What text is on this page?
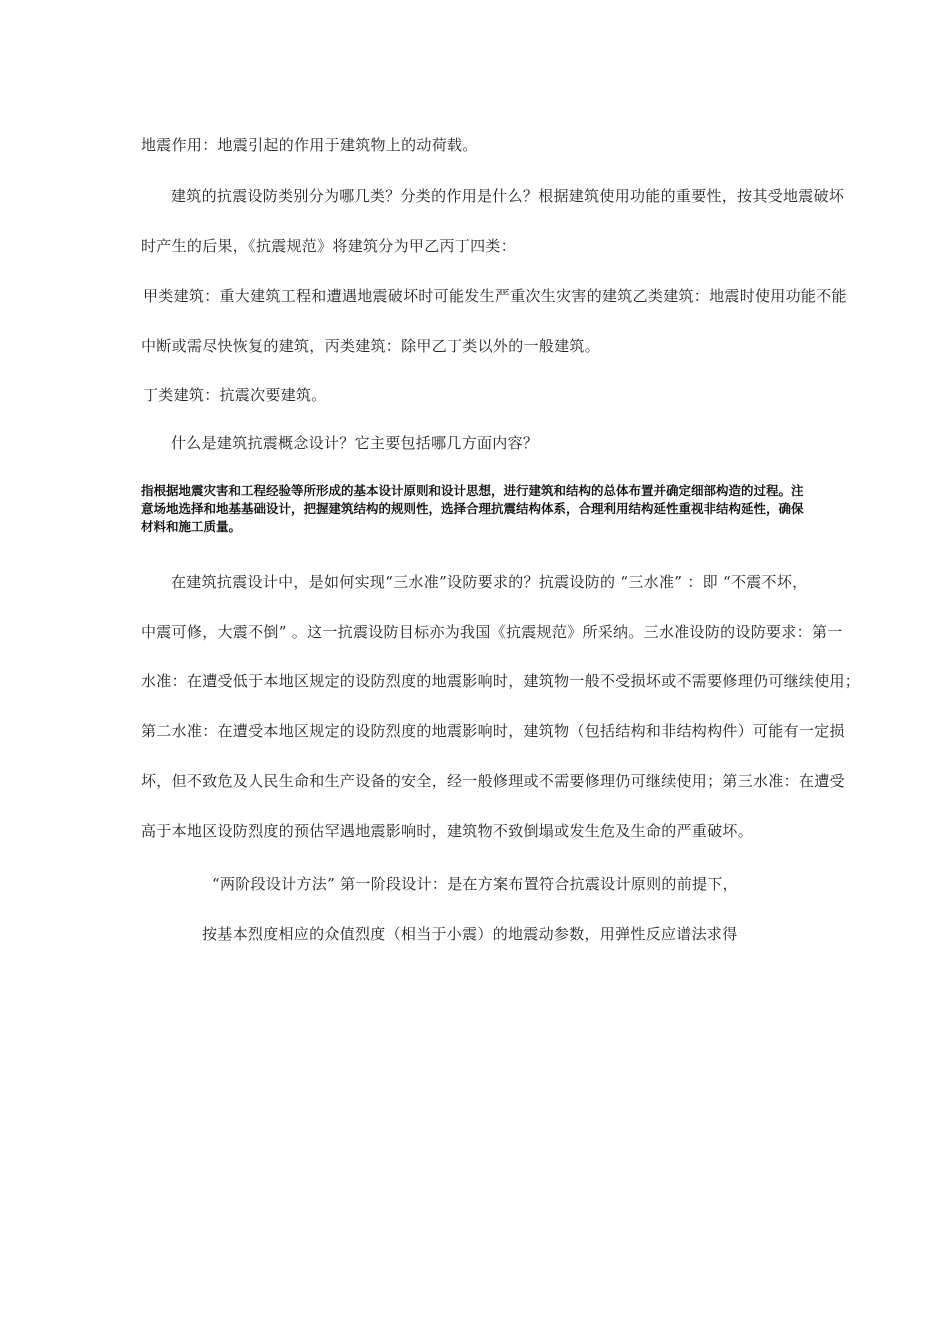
地震作用：地震引起的作用于建筑物上的动荷载。
建筑的抗震设防类别分为哪几类？分类的作用是什么？根据建筑使用功能的重要性，按其受地震破坏
时产生的后果，《抗震规范》将建筑分为甲乙丙丁四类：
甲类建筑：重大建筑工程和遭遇地震破坏时可能发生严重次生灾害的建筑乙类建筑：地震时使用功能不能
中断或需尽快恢复的建筑，丙类建筑：除甲乙丁类以外的一般建筑。
丁类建筑：抗震次要建筑。
什么是建筑抗震概念设计？它主要包括哪几方面内容？
指根据地震灾害和工程经验等所形成的基本设计原则和设计思想，进行建筑和结构的总体布置并确定细部构造的过程。注
意场地选择和地基基础设计，把握建筑结构的规则性，选择合理抗震结构体系，合理利用结构延性重视非结构延性，确保
材料和施工质量。
在建筑抗震设计中，是如何实现“三水准”设防要求的？抗震设防的 “三水准” ：即 “不震不坏，
中震可修，大震不倒” 。这一抗震设防目标亦为我国《抗震规范》所采纳。三水准设防的设防要求：第一
水准：在遭受低于本地区规定的设防烈度的地震影响时，建筑物一般不受损坏或不需要修理仍可继续使用；
第二水准：在遭受本地区规定的设防烈度的地震影响时，建筑物（包括结构和非结构构件）可能有一定损
坏，但不致危及人民生命和生产设备的安全，经一般修理或不需要修理仍可继续使用；第三水准：在遭受
高于本地区设防烈度的预估罕遇地震影响时，建筑物不致倒塌或发生危及生命的严重破坏。
“两阶段设计方法” 第一阶段设计：是在方案布置符合抗震设计原则的前提下，
按基本烈度相应的众值烈度（相当于小震）的地震动参数，用弹性反应谱法求得
